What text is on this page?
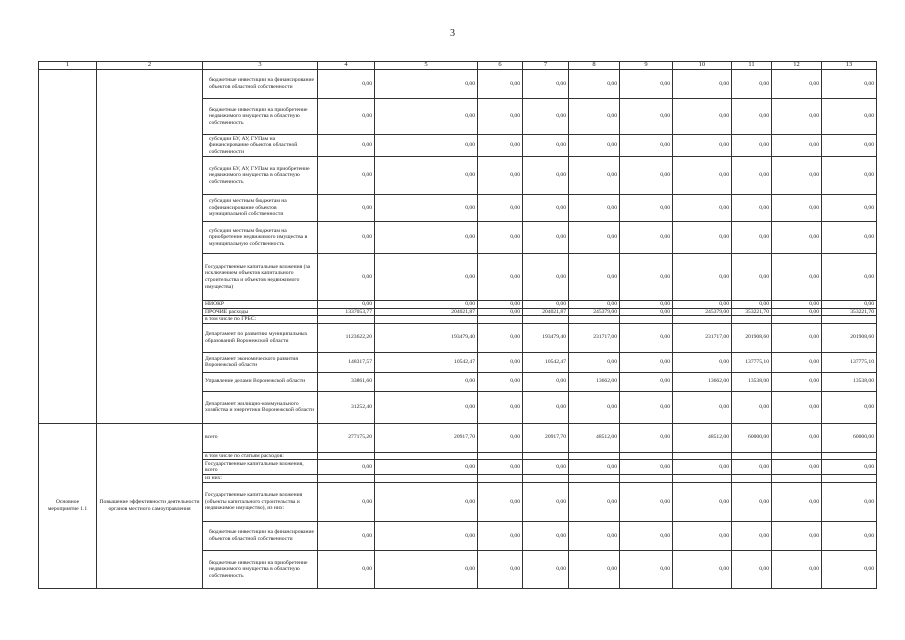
3
1	2	3	4	5	6	7	8	9	10	11	12	13
		бюджетные инвестиции на финансирование объектов областной собственности	0,00	0,00	0,00	0,00	0,00	0,00	0,00	0,00	0,00	0,00
		бюджетные инвестиции на приобретение недвижимого имущества в областную собственность	0,00	0,00	0,00	0,00	0,00	0,00	0,00	0,00	0,00	0,00
		субсидии БУ, АУ, ГУПам на финансирование объектов областной собственности	0,00	0,00	0,00	0,00	0,00	0,00	0,00	0,00	0,00	0,00
		субсидии БУ, АУ, ГУПам на приобретение недвижимого имущества в областную собственность	0,00	0,00	0,00	0,00	0,00	0,00	0,00	0,00	0,00	0,00
		субсидии местным бюджетам на софинансирование объектов муниципальной собственности	0,00	0,00	0,00	0,00	0,00	0,00	0,00	0,00	0,00	0,00
		субсидии местным бюджетам на приобретение недвижимого имущества в муниципальную собственность	0,00	0,00	0,00	0,00	0,00	0,00	0,00	0,00	0,00	0,00
		Государственные капитальные вложения (за исключением объектов капитального строительства и объектов недвижимого имущества)	0,00	0,00	0,00	0,00	0,00	0,00	0,00	0,00	0,00	0,00
		НИОКР	0,00	0,00	0,00	0,00	0,00	0,00	0,00	0,00	0,00	0,00
		ПРОЧИЕ расходы	1337053,77	204021,87	0,00	204021,87	245379,00	0,00	245379,00	353221,70	0,00	353221,70
		в том числе по ГРБС:										
		Департамент по развитию муниципальных образований Воронежской области	1123622,20	193479,40	0,00	193479,40	231717,00	0,00	231717,00	201908,60	0,00	201908,60
		Департамент экономического развития Воронежской области	148317,57	10542,47	0,00	10542,47	0,00	0,00	0,00	137775,10	0,00	137775,10
		Управление делами Воронежской области	33861,60	0,00	0,00	0,00	13662,00	0,00	13662,00	13538,00	0,00	13538,00
		Департамент жилищно-коммунального хозяйства и энергетики Воронежской области	31252,40	0,00	0,00	0,00	0,00	0,00	0,00	0,00	0,00	0,00
Основное мероприятие 1.1	Повышение эффективности деятельности органов местного самоуправления	всего	277175,20	20917,70	0,00	20917,70	48512,00	0,00	48512,00	60000,00	0,00	60000,00
		в том числе по статьям расходов:										
		Государственные капитальные вложения, всего	0,00	0,00	0,00	0,00	0,00	0,00	0,00	0,00	0,00	0,00
		из них:										
		Государственные капитальные вложения (объекты капитального строительства и недвижимое имущество), из них:	0,00	0,00	0,00	0,00	0,00	0,00	0,00	0,00	0,00	0,00
		бюджетные инвестиции на финансирование объектов областной собственности	0,00	0,00	0,00	0,00	0,00	0,00	0,00	0,00	0,00	0,00
		бюджетные инвестиции на приобретение недвижимого имущества в областную собственность	0,00	0,00	0,00	0,00	0,00	0,00	0,00	0,00	0,00	0,00
